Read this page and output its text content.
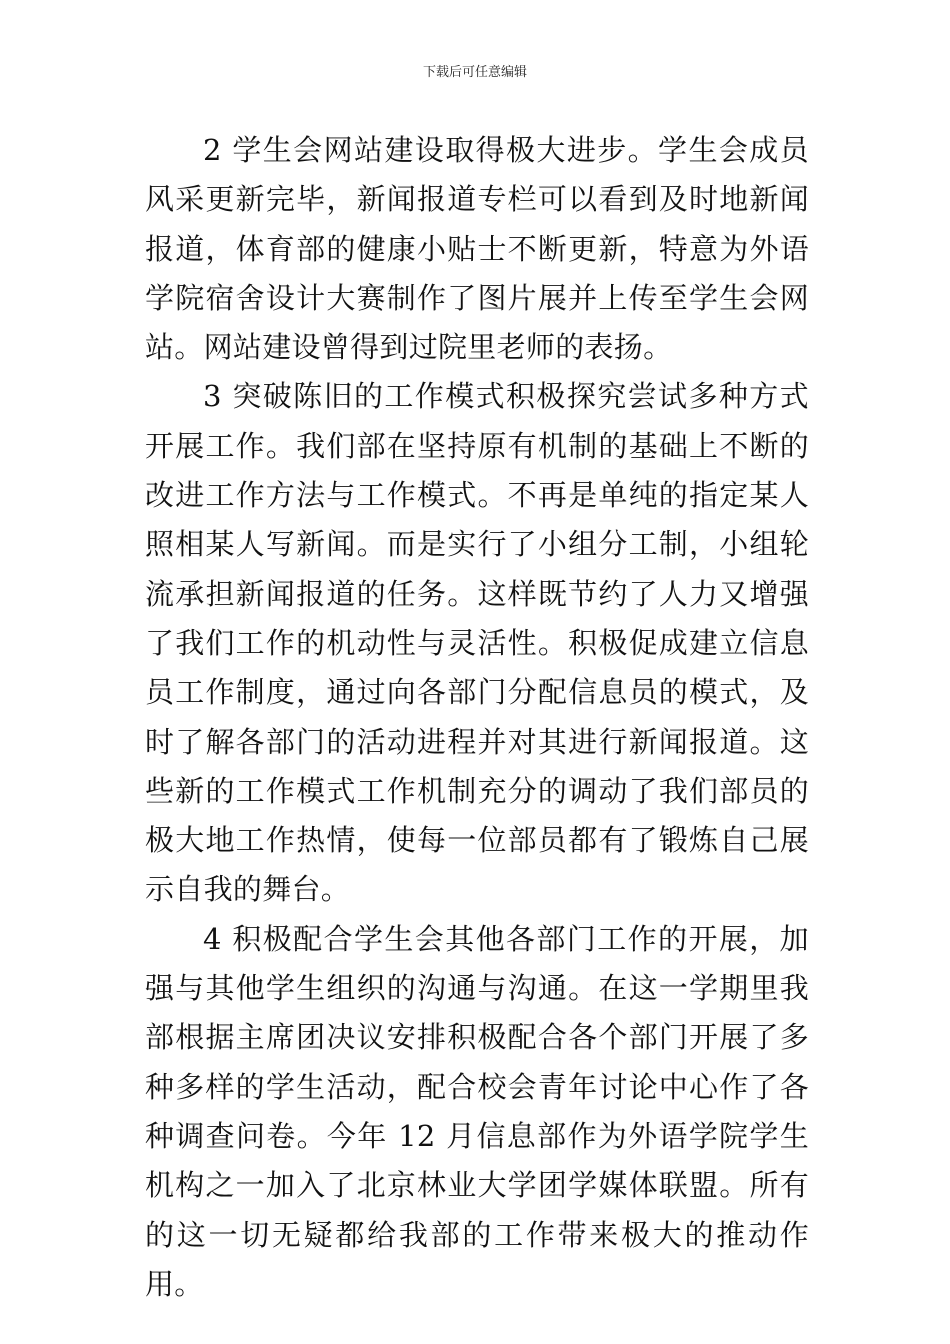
下载后可任意编辑

2 学生会网站建设取得极大进步。学生会成员风采更新完毕，新闻报道专栏可以看到及时地新闻报道，体育部的健康小贴士不断更新，特意为外语学院宿舍设计大赛制作了图片展并上传至学生会网站。网站建设曾得到过院里老师的表扬。

3 突破陈旧的工作模式积极探究尝试多种方式开展工作。我们部在坚持原有机制的基础上不断的改进工作方法与工作模式。不再是单纯的指定某人照相某人写新闻。而是实行了小组分工制，小组轮流承担新闻报道的任务。这样既节约了人力又增强了我们工作的机动性与灵活性。积极促成建立信息员工作制度，通过向各部门分配信息员的模式，及时了解各部门的活动进程并对其进行新闻报道。这些新的工作模式工作机制充分的调动了我们部员的极大地工作热情，使每一位部员都有了锻炼自己展示自我的舞台。

4 积极配合学生会其他各部门工作的开展，加强与其他学生组织的沟通与沟通。在这一学期里我部根据主席团决议安排积极配合各个部门开展了多种多样的学生活动，配合校会青年讨论中心作了各种调查问卷。今年 12 月信息部作为外语学院学生机构之一加入了北京林业大学团学媒体联盟。所有的这一切无疑都给我部的工作带来极大的推动作用。
